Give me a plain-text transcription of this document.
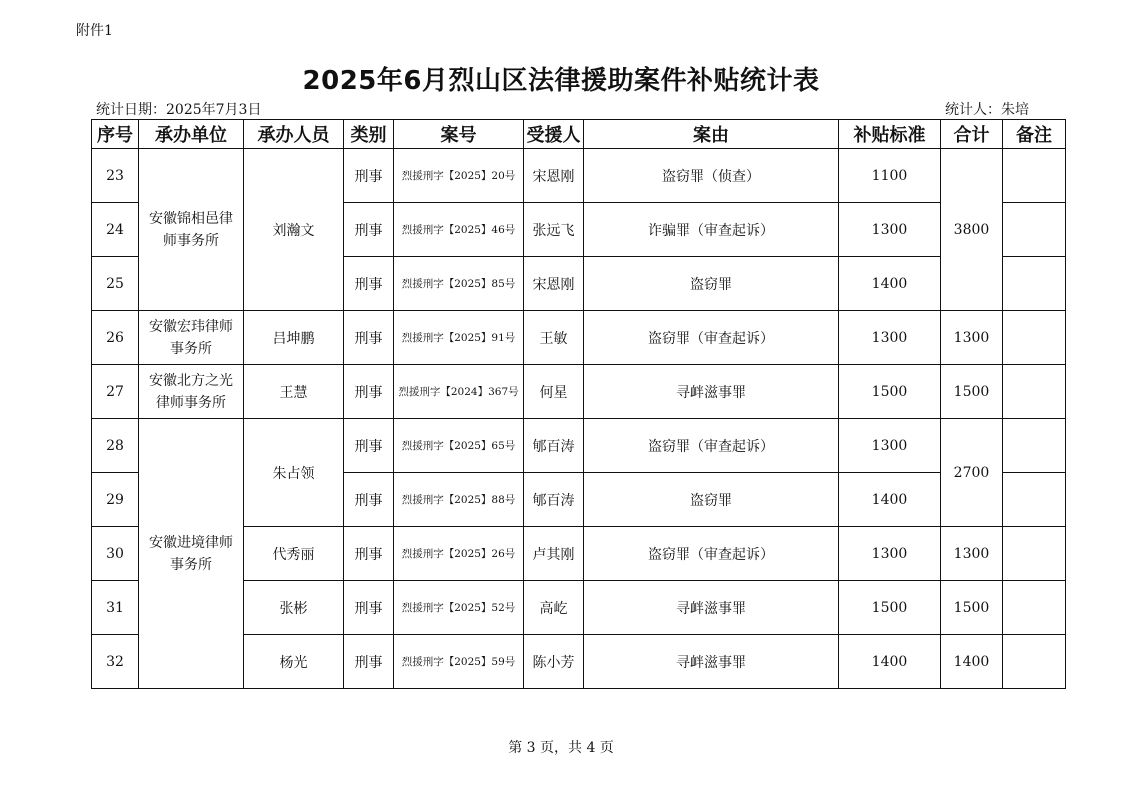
附件1
2025年6月烈山区法律援助案件补贴统计表
统计日期：2025年7月3日	统计人：朱培
序号	承办单位	承办人员	类别	案号	受援人	案由	补贴标准	合计	备注
23	安徽锦相邑律师事务所	刘瀚文	刑事	烈援刑字【2025】20号	宋恩刚	盗窃罪（侦查）	1100	3800	
24			刑事	烈援刑字【2025】46号	张远飞	诈骗罪（审查起诉）	1300		
25			刑事	烈援刑字【2025】85号	宋恩刚	盗窃罪	1400		
26	安徽宏玮律师事务所	吕坤鹏	刑事	烈援刑字【2025】91号	王敏	盗窃罪（审查起诉）	1300	1300	
27	安徽北方之光律师事务所	王慧	刑事	烈援刑字【2024】367号	何星	寻衅滋事罪	1500	1500	
28	安徽进境律师事务所	朱占领	刑事	烈援刑字【2025】65号	郇百涛	盗窃罪（审查起诉）	1300	2700	
29			刑事	烈援刑字【2025】88号	郇百涛	盗窃罪	1400		
30		代秀丽	刑事	烈援刑字【2025】26号	卢其刚	盗窃罪（审查起诉）	1300	1300	
31		张彬	刑事	烈援刑字【2025】52号	高屹	寻衅滋事罪	1500	1500	
32		杨光	刑事	烈援刑字【2025】59号	陈小芳	寻衅滋事罪	1400	1400	
第 3 页，共 4 页
